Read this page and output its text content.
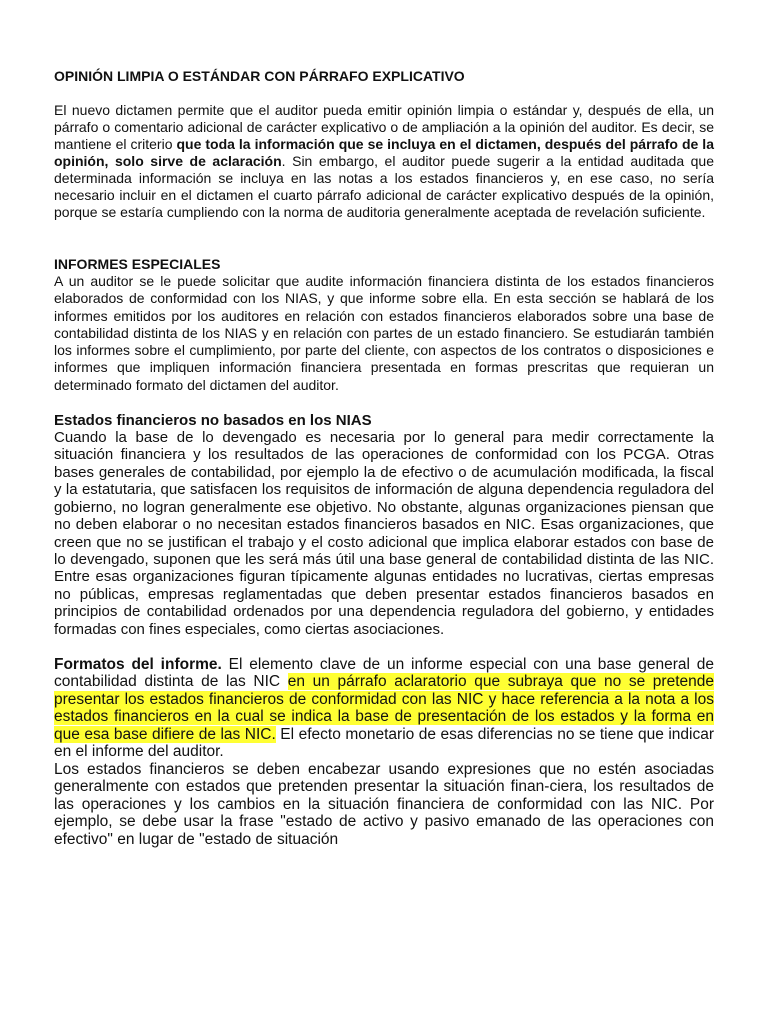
OPINIÓN LIMPIA O ESTÁNDAR CON PÁRRAFO EXPLICATIVO

El nuevo dictamen permite que el auditor pueda emitir opinión limpia o estándar y, después de ella, un párrafo o comentario adicional de carácter explicativo o de ampliación a la opinión del auditor. Es decir, se mantiene el criterio que toda la información que se incluya en el dictamen, después del párrafo de la opinión, solo sirve de aclaración. Sin embargo, el auditor puede sugerir a la entidad auditada que determinada información se incluya en las notas a los estados financieros y, en ese caso, no sería necesario incluir en el dictamen el cuarto párrafo adicional de carácter explicativo después de la opinión, porque se estaría cumpliendo con la norma de auditoria generalmente aceptada de revelación suficiente.

INFORMES ESPECIALES

A un auditor se le puede solicitar que audite información financiera distinta de los estados financieros elaborados de conformidad con los NIAS, y que informe sobre ella. En esta sección se hablará de los informes emitidos por los auditores en relación con estados financieros elaborados sobre una base de contabilidad distinta de los NIAS y en relación con partes de un estado financiero. Se estudiarán también los informes sobre el cumplimiento, por parte del cliente, con aspectos de los contratos o disposiciones e informes que impliquen información financiera presentada en formas prescritas que requieran un determinado formato del dictamen del auditor.

Estados financieros no basados en los NIAS

Cuando la base de lo devengado es necesaria por lo general para medir correctamente la situación financiera y los resultados de las operaciones de conformidad con los PCGA. Otras bases generales de contabilidad, por ejemplo la de efectivo o de acumulación modificada, la fiscal y la estatutaria, que satisfacen los requisitos de información de alguna dependencia reguladora del gobierno, no logran generalmente ese objetivo. No obstante, algunas organizaciones piensan que no deben elaborar o no necesitan estados financieros basados en NIC. Esas organizaciones, que creen que no se justifican el trabajo y el costo adicional que implica elaborar estados con base de lo devengado, suponen que les será más útil una base general de contabilidad distinta de las NIC. Entre esas organizaciones figuran típicamente algunas entidades no lucrativas, ciertas empresas no públicas, empresas reglamentadas que deben presentar estados financieros basados en principios de contabilidad ordenados por una dependencia reguladora del gobierno, y entidades formadas con fines especiales, como ciertas asociaciones.

Formatos del informe. El elemento clave de un informe especial con una base general de contabilidad distinta de las NIC en un párrafo aclaratorio que subraya que no se pretende presentar los estados financieros de conformidad con las NIC y hace referencia a la nota a los estados financieros en la cual se indica la base de presentación de los estados y la forma en que esa base difiere de las NIC. El efecto monetario de esas diferencias no se tiene que indicar en el informe del auditor.

Los estados financieros se deben encabezar usando expresiones que no estén asociadas generalmente con estados que pretenden presentar la situación finan-ciera, los resultados de las operaciones y los cambios en la situación financiera de conformidad con las NIC. Por ejemplo, se debe usar la frase "estado de activo y pasivo emanado de las operaciones con efectivo" en lugar de "estado de situación
